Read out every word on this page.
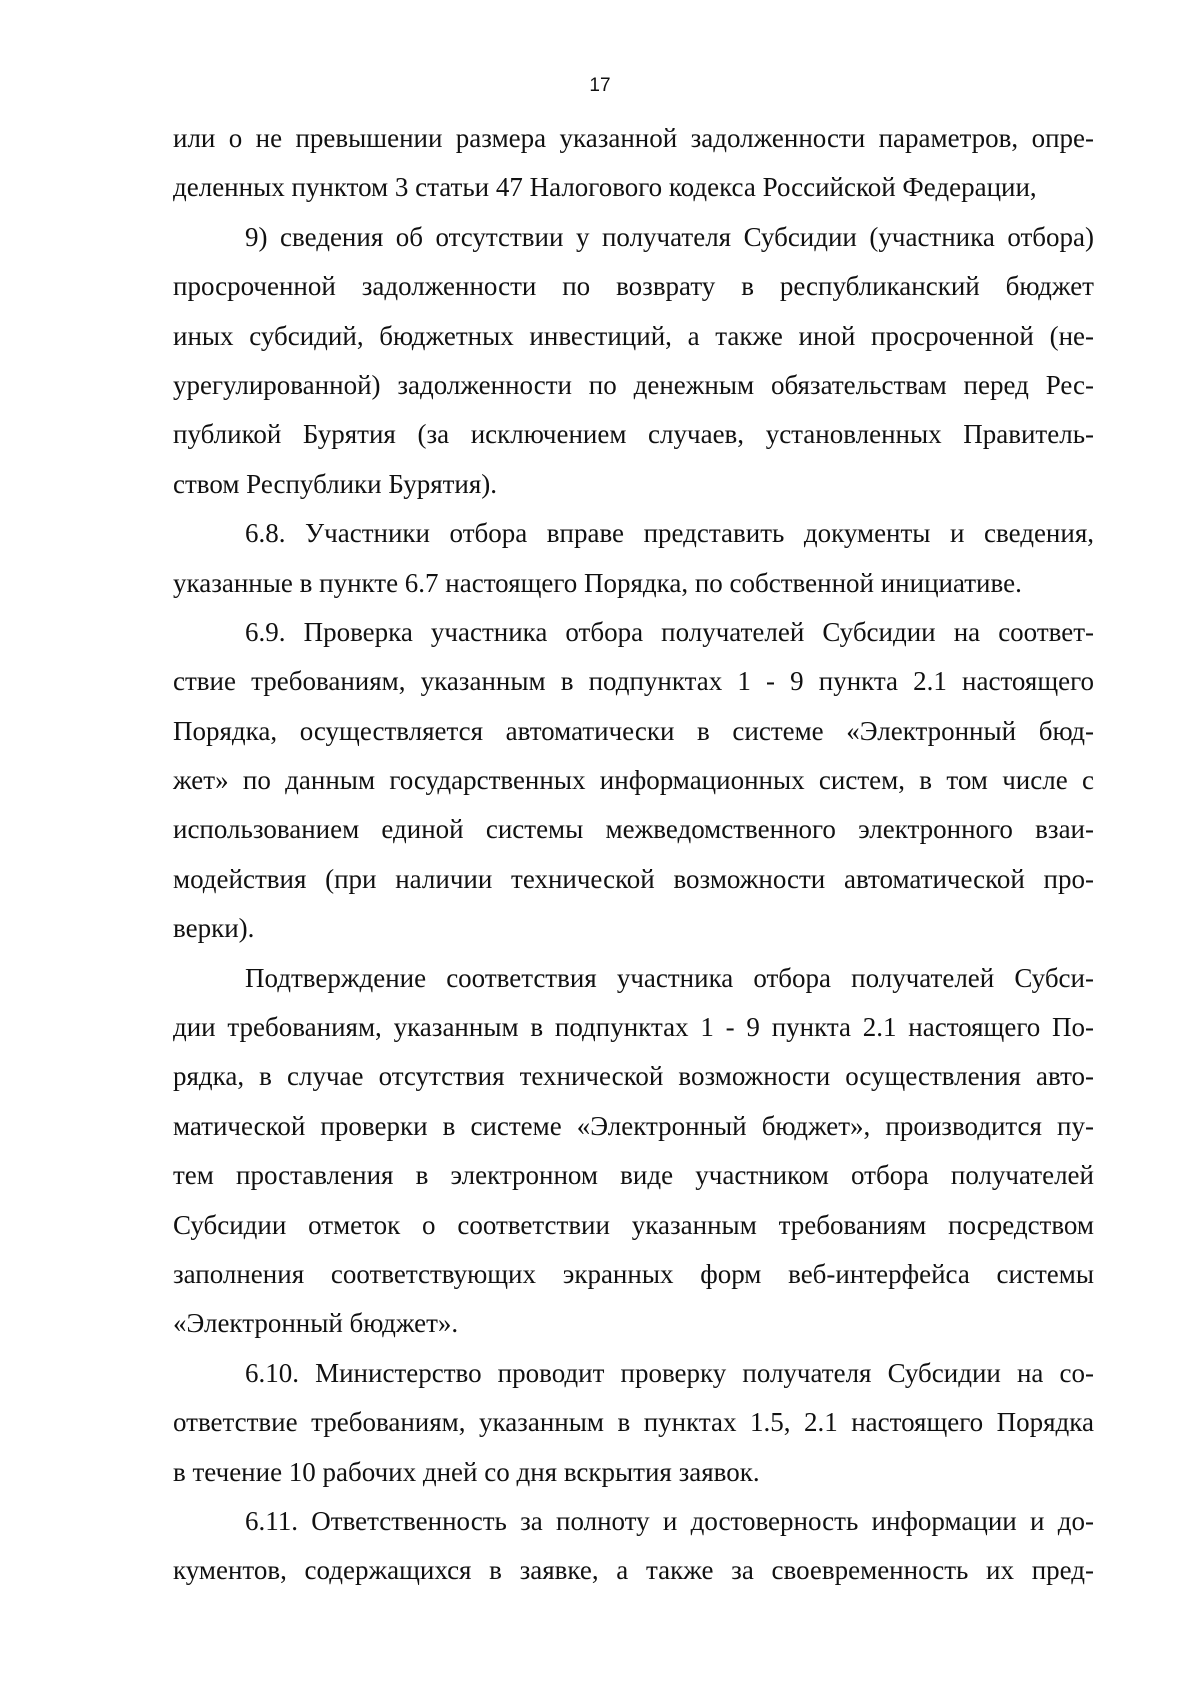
17
или о не превышении размера указанной задолженности параметров, опре-
деленных пунктом 3 статьи 47 Налогового кодекса Российской Федерации,
9) сведения об отсутствии у получателя Субсидии (участника отбора)
просроченной задолженности по возврату в республиканский бюджет
иных субсидий, бюджетных инвестиций, а также иной просроченной (не-
урегулированной) задолженности по денежным обязательствам перед Рес-
публикой Бурятия (за исключением случаев, установленных Правитель-
ством Республики Бурятия).
6.8. Участники отбора вправе представить документы и сведения,
указанные в пункте 6.7 настоящего Порядка, по собственной инициативе.
6.9. Проверка участника отбора получателей Субсидии на соответ-
ствие требованиям, указанным в подпунктах 1 - 9 пункта 2.1 настоящего
Порядка, осуществляется автоматически в системе «Электронный бюд-
жет» по данным государственных информационных систем, в том числе с
использованием единой системы межведомственного электронного взаи-
модействия (при наличии технической возможности автоматической про-
верки).
Подтверждение соответствия участника отбора получателей Субси-
дии требованиям, указанным в подпунктах 1 - 9 пункта 2.1 настоящего По-
рядка, в случае отсутствия технической возможности осуществления авто-
матической проверки в системе «Электронный бюджет», производится пу-
тем проставления в электронном виде участником отбора получателей
Субсидии отметок о соответствии указанным требованиям посредством
заполнения соответствующих экранных форм веб-интерфейса системы
«Электронный бюджет».
6.10. Министерство проводит проверку получателя Субсидии на со-
ответствие требованиям, указанным в пунктах 1.5, 2.1 настоящего Порядка
в течение 10 рабочих дней со дня вскрытия заявок.
6.11. Ответственность за полноту и достоверность информации и до-
кументов, содержащихся в заявке, а также за своевременность их пред-
